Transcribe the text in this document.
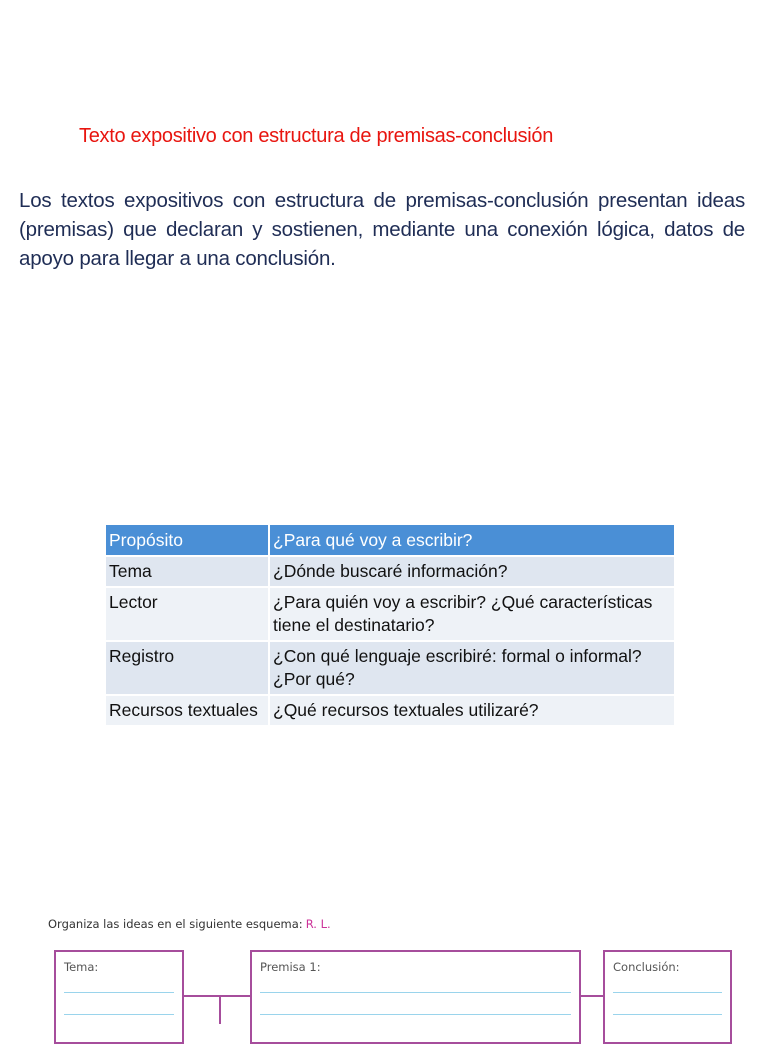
Texto expositivo con estructura de premisas-conclusión
Los textos expositivos con estructura de premisas-conclusión presentan ideas (premisas) que declaran y sostienen, mediante una conexión lógica, datos de apoyo para llegar a una conclusión.
Propósito	¿Para qué voy a escribir?
Tema	¿Dónde buscaré información?
Lector	¿Para quién voy a escribir? ¿Qué características tiene el destinatario?
Registro	¿Con qué lenguaje escribiré: formal o informal? ¿Por qué?
Recursos textuales	¿Qué recursos textuales utilizaré?
Organiza las ideas en el siguiente esquema: R. L.
Tema:	Premisa 1:	Conclusión:
